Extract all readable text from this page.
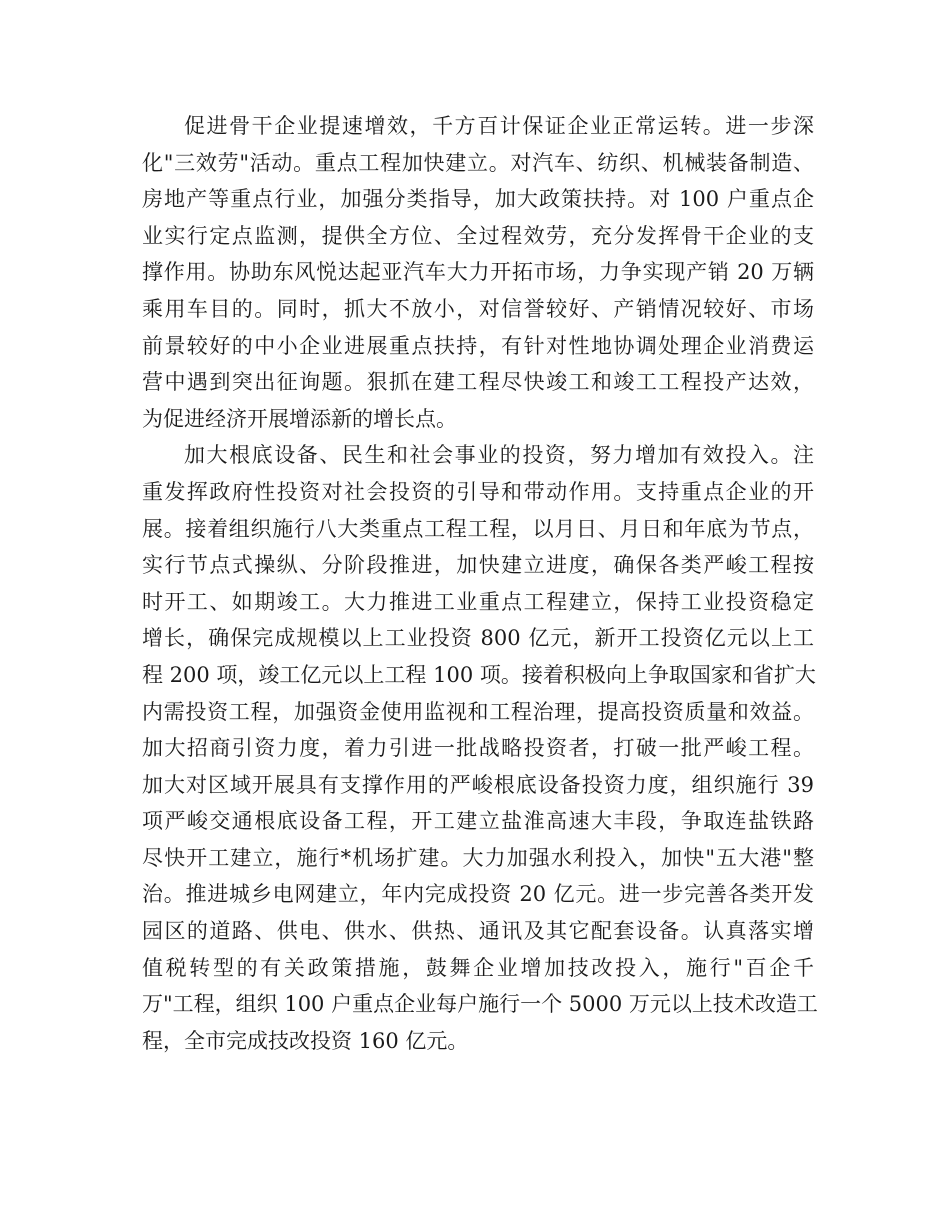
促进骨干企业提速增效，千方百计保证企业正常运转。进一步深
化"三效劳"活动。重点工程加快建立。对汽车、纺织、机械装备制造、
房地产等重点行业，加强分类指导，加大政策扶持。对 100 户重点企
业实行定点监测，提供全方位、全过程效劳，充分发挥骨干企业的支
撑作用。协助东风悦达起亚汽车大力开拓市场，力争实现产销 20 万辆
乘用车目的。同时，抓大不放小，对信誉较好、产销情况较好、市场
前景较好的中小企业进展重点扶持，有针对性地协调处理企业消费运
营中遇到突出征询题。狠抓在建工程尽快竣工和竣工工程投产达效，
为促进经济开展增添新的增长点。
加大根底设备、民生和社会事业的投资，努力增加有效投入。注
重发挥政府性投资对社会投资的引导和带动作用。支持重点企业的开
展。接着组织施行八大类重点工程工程，以月日、月日和年底为节点，
实行节点式操纵、分阶段推进，加快建立进度，确保各类严峻工程按
时开工、如期竣工。大力推进工业重点工程建立，保持工业投资稳定
增长，确保完成规模以上工业投资 800 亿元，新开工投资亿元以上工
程 200 项，竣工亿元以上工程 100 项。接着积极向上争取国家和省扩大
内需投资工程，加强资金使用监视和工程治理，提高投资质量和效益。
加大招商引资力度，着力引进一批战略投资者，打破一批严峻工程。
加大对区域开展具有支撑作用的严峻根底设备投资力度，组织施行 39
项严峻交通根底设备工程，开工建立盐淮高速大丰段，争取连盐铁路
尽快开工建立，施行*机场扩建。大力加强水利投入，加快"五大港"整
治。推进城乡电网建立，年内完成投资 20 亿元。进一步完善各类开发
园区的道路、供电、供水、供热、通讯及其它配套设备。认真落实增
值税转型的有关政策措施，鼓舞企业增加技改投入，施行"百企千
万"工程，组织 100 户重点企业每户施行一个 5000 万元以上技术改造工
程，全市完成技改投资 160 亿元。
